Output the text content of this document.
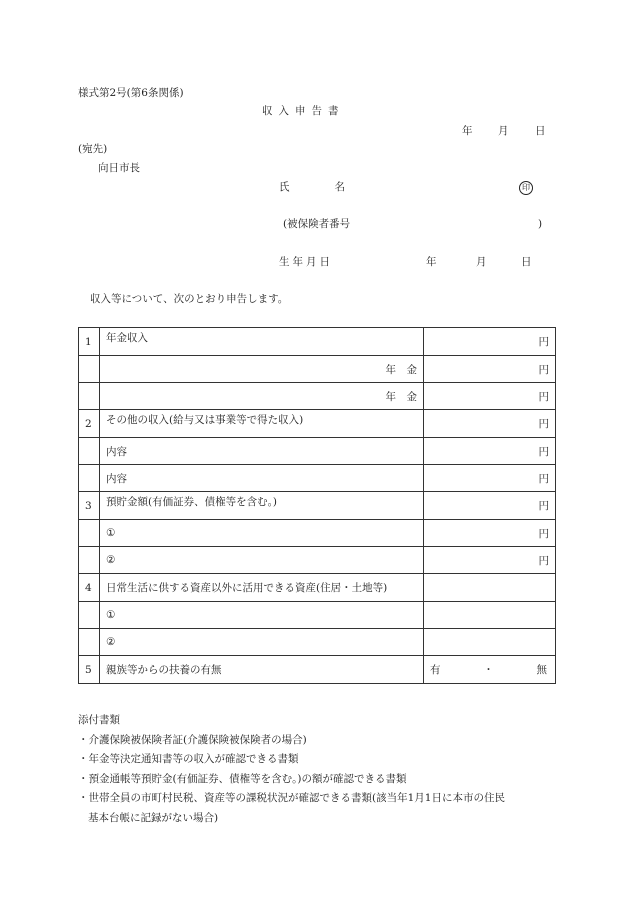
様式第2号(第6条関係)
収入申告書
年 月	日
(宛先)
向日市長
氏名	印
(被保険者番号	)
生年月日	年	月	日
収入等について、次のとおり申告します。
1	年金収入	円
	年　金	円
	年　金	円
2	その他の収入(給与又は事業等で得た収入)	円
	内容	円
	内容	円
3	預貯金額(有価証券、債権等を含む。)	円
	①	円
	②	円
4	日常生活に供する資産以外に活用できる資産(住居・土地等)	
	①	
	②	
5	親族等からの扶養の有無	有 ・ 無
添付書類
・介護保険被保険者証(介護保険被保険者の場合)
・年金等決定通知書等の収入が確認できる書類
・預金通帳等預貯金(有価証券、債権等を含む。)の額が確認できる書類
・世帯全員の市町村民税、資産等の課税状況が確認できる書類(該当年1月1日に本市の住民
基本台帳に記録がない場合)
